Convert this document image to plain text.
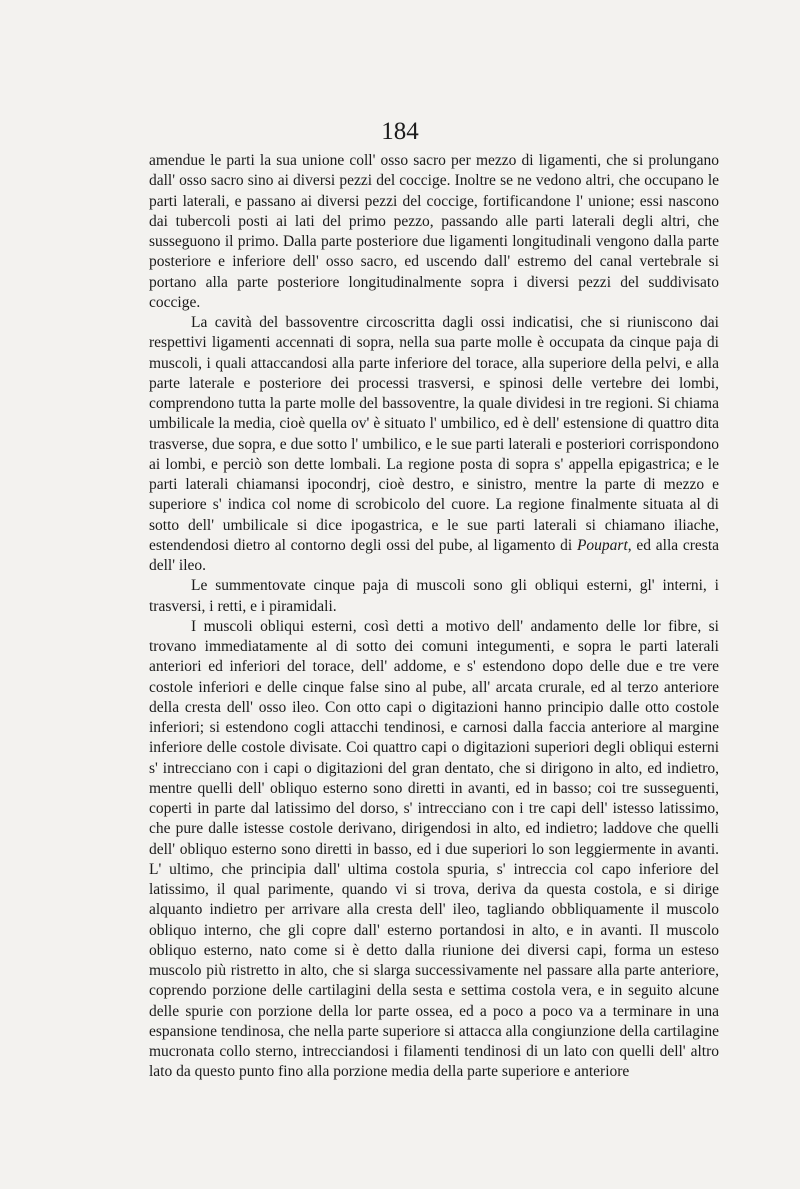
184

amendue le parti la sua unione coll' osso sacro per mezzo di ligamenti, che si prolungano dall' osso sacro sino ai diversi pezzi del coccige. Inoltre se ne vedono altri, che occupano le parti laterali, e passano ai diversi pezzi del coccige, fortificandone l' unione; essi nascono dai tubercoli posti ai lati del primo pezzo, passando alle parti laterali degli altri, che susseguono il primo. Dalla parte posteriore due ligamenti longitudinali vengono dalla parte posteriore e inferiore dell' osso sacro, ed uscendo dall' estremo del canal vertebrale si portano alla parte posteriore longitudinalmente sopra i diversi pezzi del suddivisato coccige.

La cavità del bassoventre circoscritta dagli ossi indicatisi, che si riuniscono dai respettivi ligamenti accennati di sopra, nella sua parte molle è occupata da cinque paja di muscoli, i quali attaccandosi alla parte inferiore del torace, alla superiore della pelvi, e alla parte laterale e posteriore dei processi trasversi, e spinosi delle vertebre dei lombi, comprendono tutta la parte molle del bassoventre, la quale dividesi in tre regioni. Si chiama umbilicale la media, cioè quella ov' è situato l' umbilico, ed è dell' estensione di quattro dita trasverse, due sopra, e due sotto l' umbilico, e le sue parti laterali e posteriori corrispondono ai lombi, e perciò son dette lombali. La regione posta di sopra s' appella epigastrica; e le parti laterali chiamansi ipocondrj, cioè destro, e sinistro, mentre la parte di mezzo e superiore s' indica col nome di scrobicolo del cuore. La regione finalmente situata al di sotto dell' umbilicale si dice ipogastrica, e le sue parti laterali si chiamano iliache, estendendosi dietro al contorno degli ossi del pube, al ligamento di Poupart, ed alla cresta dell' ileo.

Le summentovate cinque paja di muscoli sono gli obliqui esterni, gl' interni, i trasversi, i retti, e i piramidali.

I muscoli obliqui esterni, così detti a motivo dell' andamento delle lor fibre, si trovano immediatamente al di sotto dei comuni integumenti, e sopra le parti laterali anteriori ed inferiori del torace, dell' addome, e s' estendono dopo delle due e tre vere costole inferiori e delle cinque false sino al pube, all' arcata crurale, ed al terzo anteriore della cresta dell' osso ileo. Con otto capi o digitazioni hanno principio dalle otto costole inferiori; si estendono cogli attacchi tendinosi, e carnosi dalla faccia anteriore al margine inferiore delle costole divisate. Coi quattro capi o digitazioni superiori degli obliqui esterni s' intrecciano con i capi o digitazioni del gran dentato, che si dirigono in alto, ed indietro, mentre quelli dell' obliquo esterno sono diretti in avanti, ed in basso; coi tre susseguenti, coperti in parte dal latissimo del dorso, s' intrecciano con i tre capi dell' istesso latissimo, che pure dalle istesse costole derivano, dirigendosi in alto, ed indietro; laddove che quelli dell' obliquo esterno sono diretti in basso, ed i due superiori lo son leggiermente in avanti. L' ultimo, che principia dall' ultima costola spuria, s' intreccia col capo inferiore del latissimo, il qual parimente, quando vi si trova, deriva da questa costola, e si dirige alquanto indietro per arrivare alla cresta dell' ileo, tagliando obbliquamente il muscolo obliquo interno, che gli copre dall' esterno portandosi in alto, e in avanti. Il muscolo obliquo esterno, nato come si è detto dalla riunione dei diversi capi, forma un esteso muscolo più ristretto in alto, che si slarga successivamente nel passare alla parte anteriore, coprendo porzione delle cartilagini della sesta e settima costola vera, e in seguito alcune delle spurie con porzione della lor parte ossea, ed a poco a poco va a terminare in una espansione tendinosa, che nella parte superiore si attacca alla congiunzione della cartilagine mucronata collo sterno, intrecciandosi i filamenti tendinosi di un lato con quelli dell' altro lato da questo punto fino alla porzione media della parte superiore e anteriore
